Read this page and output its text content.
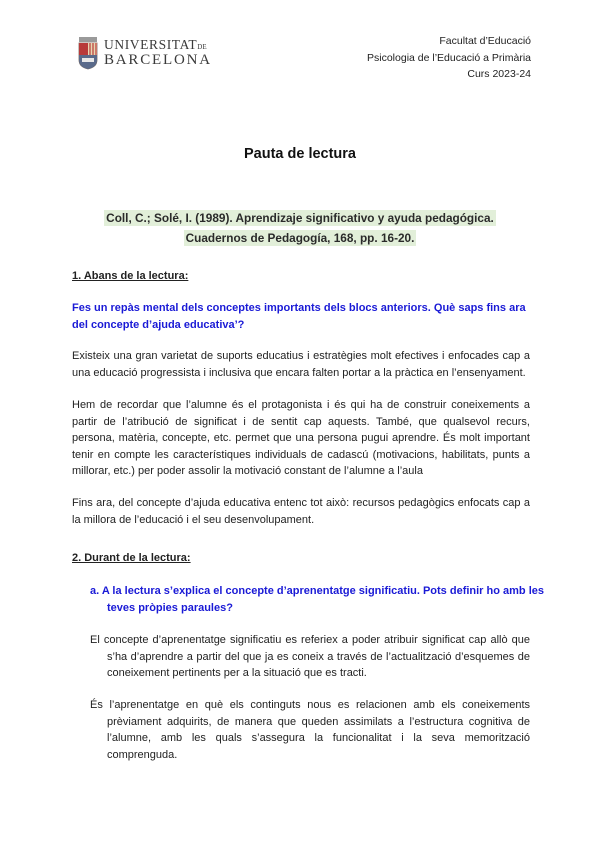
UNIVERSITATDE
BARCELONA
Facultat d’Educació
Psicologia de l’Educació a Primària
Curs 2023-24
Pauta de lectura
Coll, C.; Solé, I. (1989). Aprendizaje significativo y ayuda pedagógica.
Cuadernos de Pedagogía, 168, pp. 16-20.
1. Abans de la lectura:
Fes un repàs mental dels conceptes importants dels blocs anteriors. Què saps fins ara del concepte d’ajuda educativa’?
Existeix una gran varietat de suports educatius i estratègies molt efectives i enfocades cap a una educació progressista i inclusiva que encara falten portar a la pràctica en l’ensenyament.
Hem de recordar que l’alumne és el protagonista i és qui ha de construir coneixements a partir de l’atribució de significat i de sentit cap aquests. També, que qualsevol recurs, persona, matèria, concepte, etc. permet que una persona pugui aprendre. És molt important tenir en compte les característiques individuals de cadascú (motivacions, habilitats, punts a millorar, etc.) per poder assolir la motivació constant de l’alumne a l’aula
Fins ara, del concepte d’ajuda educativa entenc tot això: recursos pedagògics enfocats cap a la millora de l’educació i el seu desenvolupament.
2. Durant de la lectura:
a. A la lectura s’explica el concepte d’aprenentatge significatiu. Pots definir ho amb les teves pròpies paraules?
El concepte d’aprenentatge significatiu es referiex a poder atribuir significat cap allò que s’ha d’aprendre a partir del que ja es coneix a través de l’actualització d’esquemes de coneixement pertinents per a la situació que es tracti.
És l’aprenentatge en què els continguts nous es relacionen amb els coneixements prèviament adquirits, de manera que queden assimilats a l’estructura cognitiva de l’alumne, amb les quals s’assegura la funcionalitat i la seva memorització comprenguda.
